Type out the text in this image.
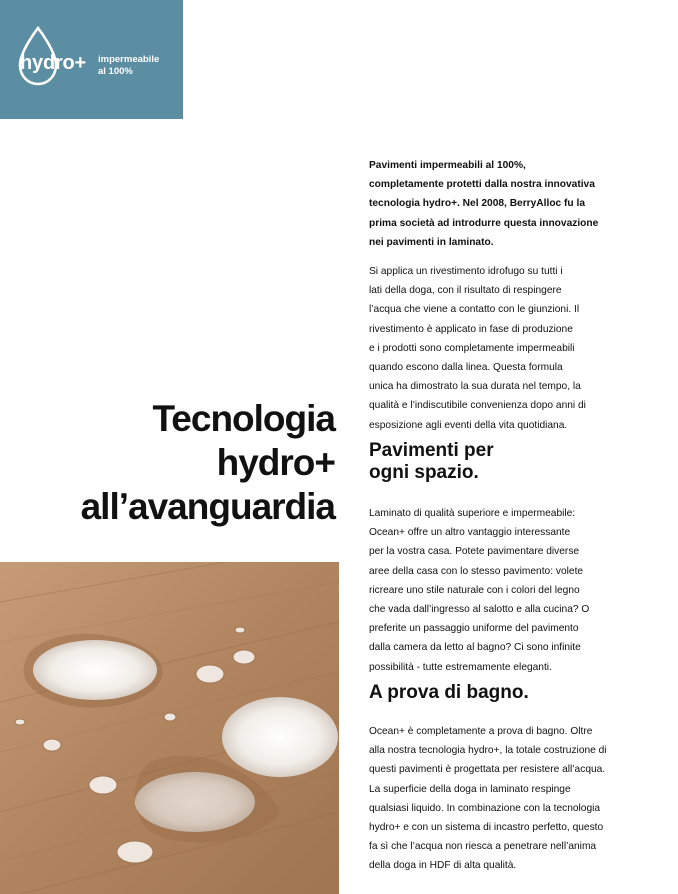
hydro+ impermeabile
al 100%

Pavimenti impermeabili al 100%,
completamente protetti dalla nostra innovativa
tecnologia hydro+. Nel 2008, BerryAlloc fu la
prima società ad introdurre questa innovazione
nei pavimenti in laminato.

Si applica un rivestimento idrofugo su tutti i
lati della doga, con il risultato di respingere
l’acqua che viene a contatto con le giunzioni. Il
rivestimento è applicato in fase di produzione
e i prodotti sono completamente impermeabili
quando escono dalla linea. Questa formula
unica ha dimostrato la sua durata nel tempo, la
qualità e l’indiscutibile convenienza dopo anni di
esposizione agli eventi della vita quotidiana.

Tecnologia
hydro+
all’avanguardia
Pavimenti per
ogni spazio.

Laminato di qualità superiore e impermeabile:
Ocean+ offre un altro vantaggio interessante
per la vostra casa. Potete pavimentare diverse
aree della casa con lo stesso pavimento: volete
ricreare uno stile naturale con i colori del legno
che vada dall’ingresso al salotto e alla cucina? O
preferite un passaggio uniforme del pavimento
dalla camera da letto al bagno? Ci sono infinite
possibilità - tutte estremamente eleganti.

A prova di bagno.

Ocean+ è completamente a prova di bagno. Oltre
alla nostra tecnologia hydro+, la totale costruzione di
questi pavimenti è progettata per resistere all’acqua.
La superficie della doga in laminato respinge
qualsiasi liquido. In combinazione con la tecnologia
hydro+ e con un sistema di incastro perfetto, questo
fa sì che l’acqua non riesca a penetrare nell’anima
della doga in HDF di alta qualità.
